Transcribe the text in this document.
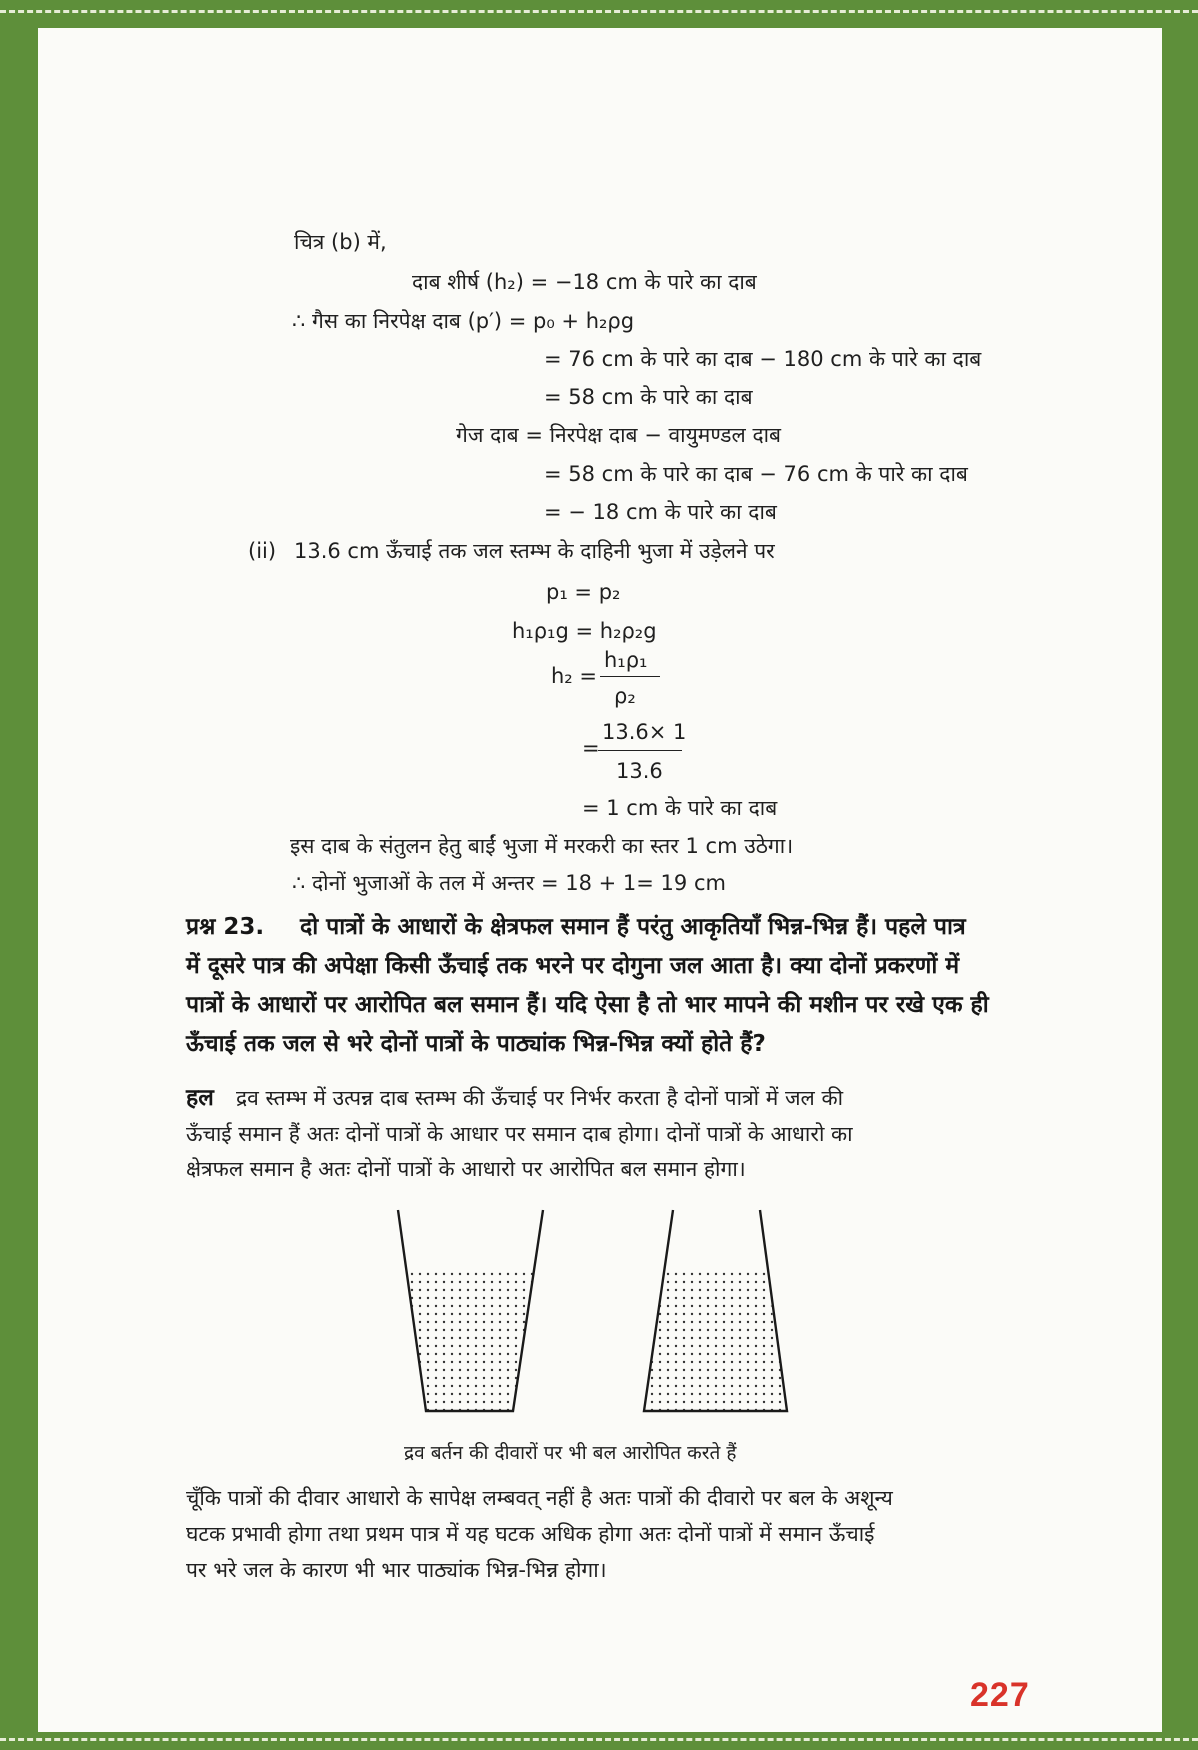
चित्र (b) में,
दाब शीर्ष (h₂) = −18 cm के पारे का दाब
∴ गैस का निरपेक्ष दाब (p′) = p₀ + h₂ρg
= 76 cm के पारे का दाब − 180 cm के पारे का दाब
= 58 cm के पारे का दाब
गेज दाब = निरपेक्ष दाब − वायुमण्डल दाब
= 58 cm के पारे का दाब − 76 cm के पारे का दाब
= − 18 cm के पारे का दाब
(ii) 13.6 cm ऊँचाई तक जल स्तम्भ के दाहिनी भुजा में उड़ेलने पर
p₁ = p₂
h₁ρ₁g = h₂ρ₂g
h₂ =
h₁ρ₁
ρ₂
=
13.6× 1
13.6
= 1 cm के पारे का दाब
इस दाब के संतुलन हेतु बाईं भुजा में मरकरी का स्तर 1 cm उठेगा।
∴ दोनों भुजाओं के तल में अन्तर = 18 + 1= 19 cm
प्रश्न 23. दो पात्रों के आधारों के क्षेत्रफल समान हैं परंतु आकृतियाँ भिन्न-भिन्न हैं। पहले पात्र
में दूसरे पात्र की अपेक्षा किसी ऊँचाई तक भरने पर दोगुना जल आता है। क्या दोनों प्रकरणों में
पात्रों के आधारों पर आरोपित बल समान हैं। यदि ऐसा है तो भार मापने की मशीन पर रखे एक ही
ऊँचाई तक जल से भरे दोनों पात्रों के पाठ्यांक भिन्न-भिन्न क्यों होते हैं?
हल द्रव स्तम्भ में उत्पन्न दाब स्तम्भ की ऊँचाई पर निर्भर करता है दोनों पात्रों में जल की
ऊँचाई समान हैं अतः दोनों पात्रों के आधार पर समान दाब होगा। दोनों पात्रों के आधारो का
क्षेत्रफल समान है अतः दोनों पात्रों के आधारो पर आरोपित बल समान होगा।
द्रव बर्तन की दीवारों पर भी बल आरोपित करते हैं
चूँकि पात्रों की दीवार आधारो के सापेक्ष लम्बवत् नहीं है अतः पात्रों की दीवारो पर बल के अशून्य
घटक प्रभावी होगा तथा प्रथम पात्र में यह घटक अधिक होगा अतः दोनों पात्रों में समान ऊँचाई
पर भरे जल के कारण भी भार पाठ्यांक भिन्न-भिन्न होगा।
227
